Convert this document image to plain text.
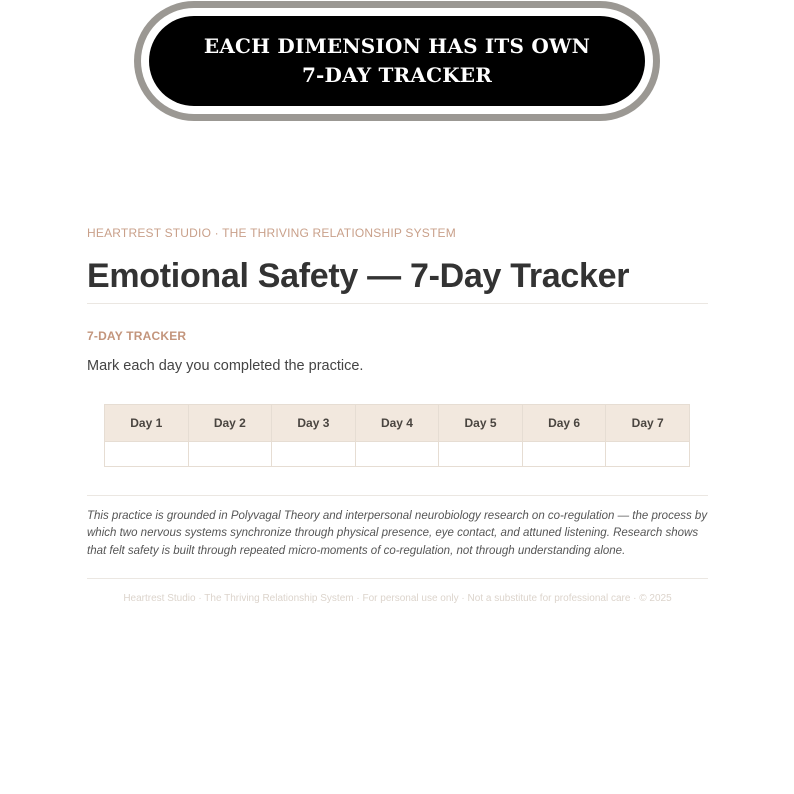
EACH DIMENSION HAS ITS OWN
7-DAY TRACKER
HEARTREST STUDIO · THE THRIVING RELATIONSHIP SYSTEM
Emotional Safety — 7-Day Tracker
7-DAY TRACKER
Mark each day you completed the practice.
Day 1	Day 2	Day 3	Day 4	Day 5	Day 6	Day 7

This practice is grounded in Polyvagal Theory and interpersonal neurobiology research on co-regulation — the process by which two nervous systems synchronize through physical presence, eye contact, and attuned listening. Research shows that felt safety is built through repeated micro-moments of co-regulation, not through understanding alone.
Heartrest Studio · The Thriving Relationship System · For personal use only · Not a substitute for professional care · © 2025
